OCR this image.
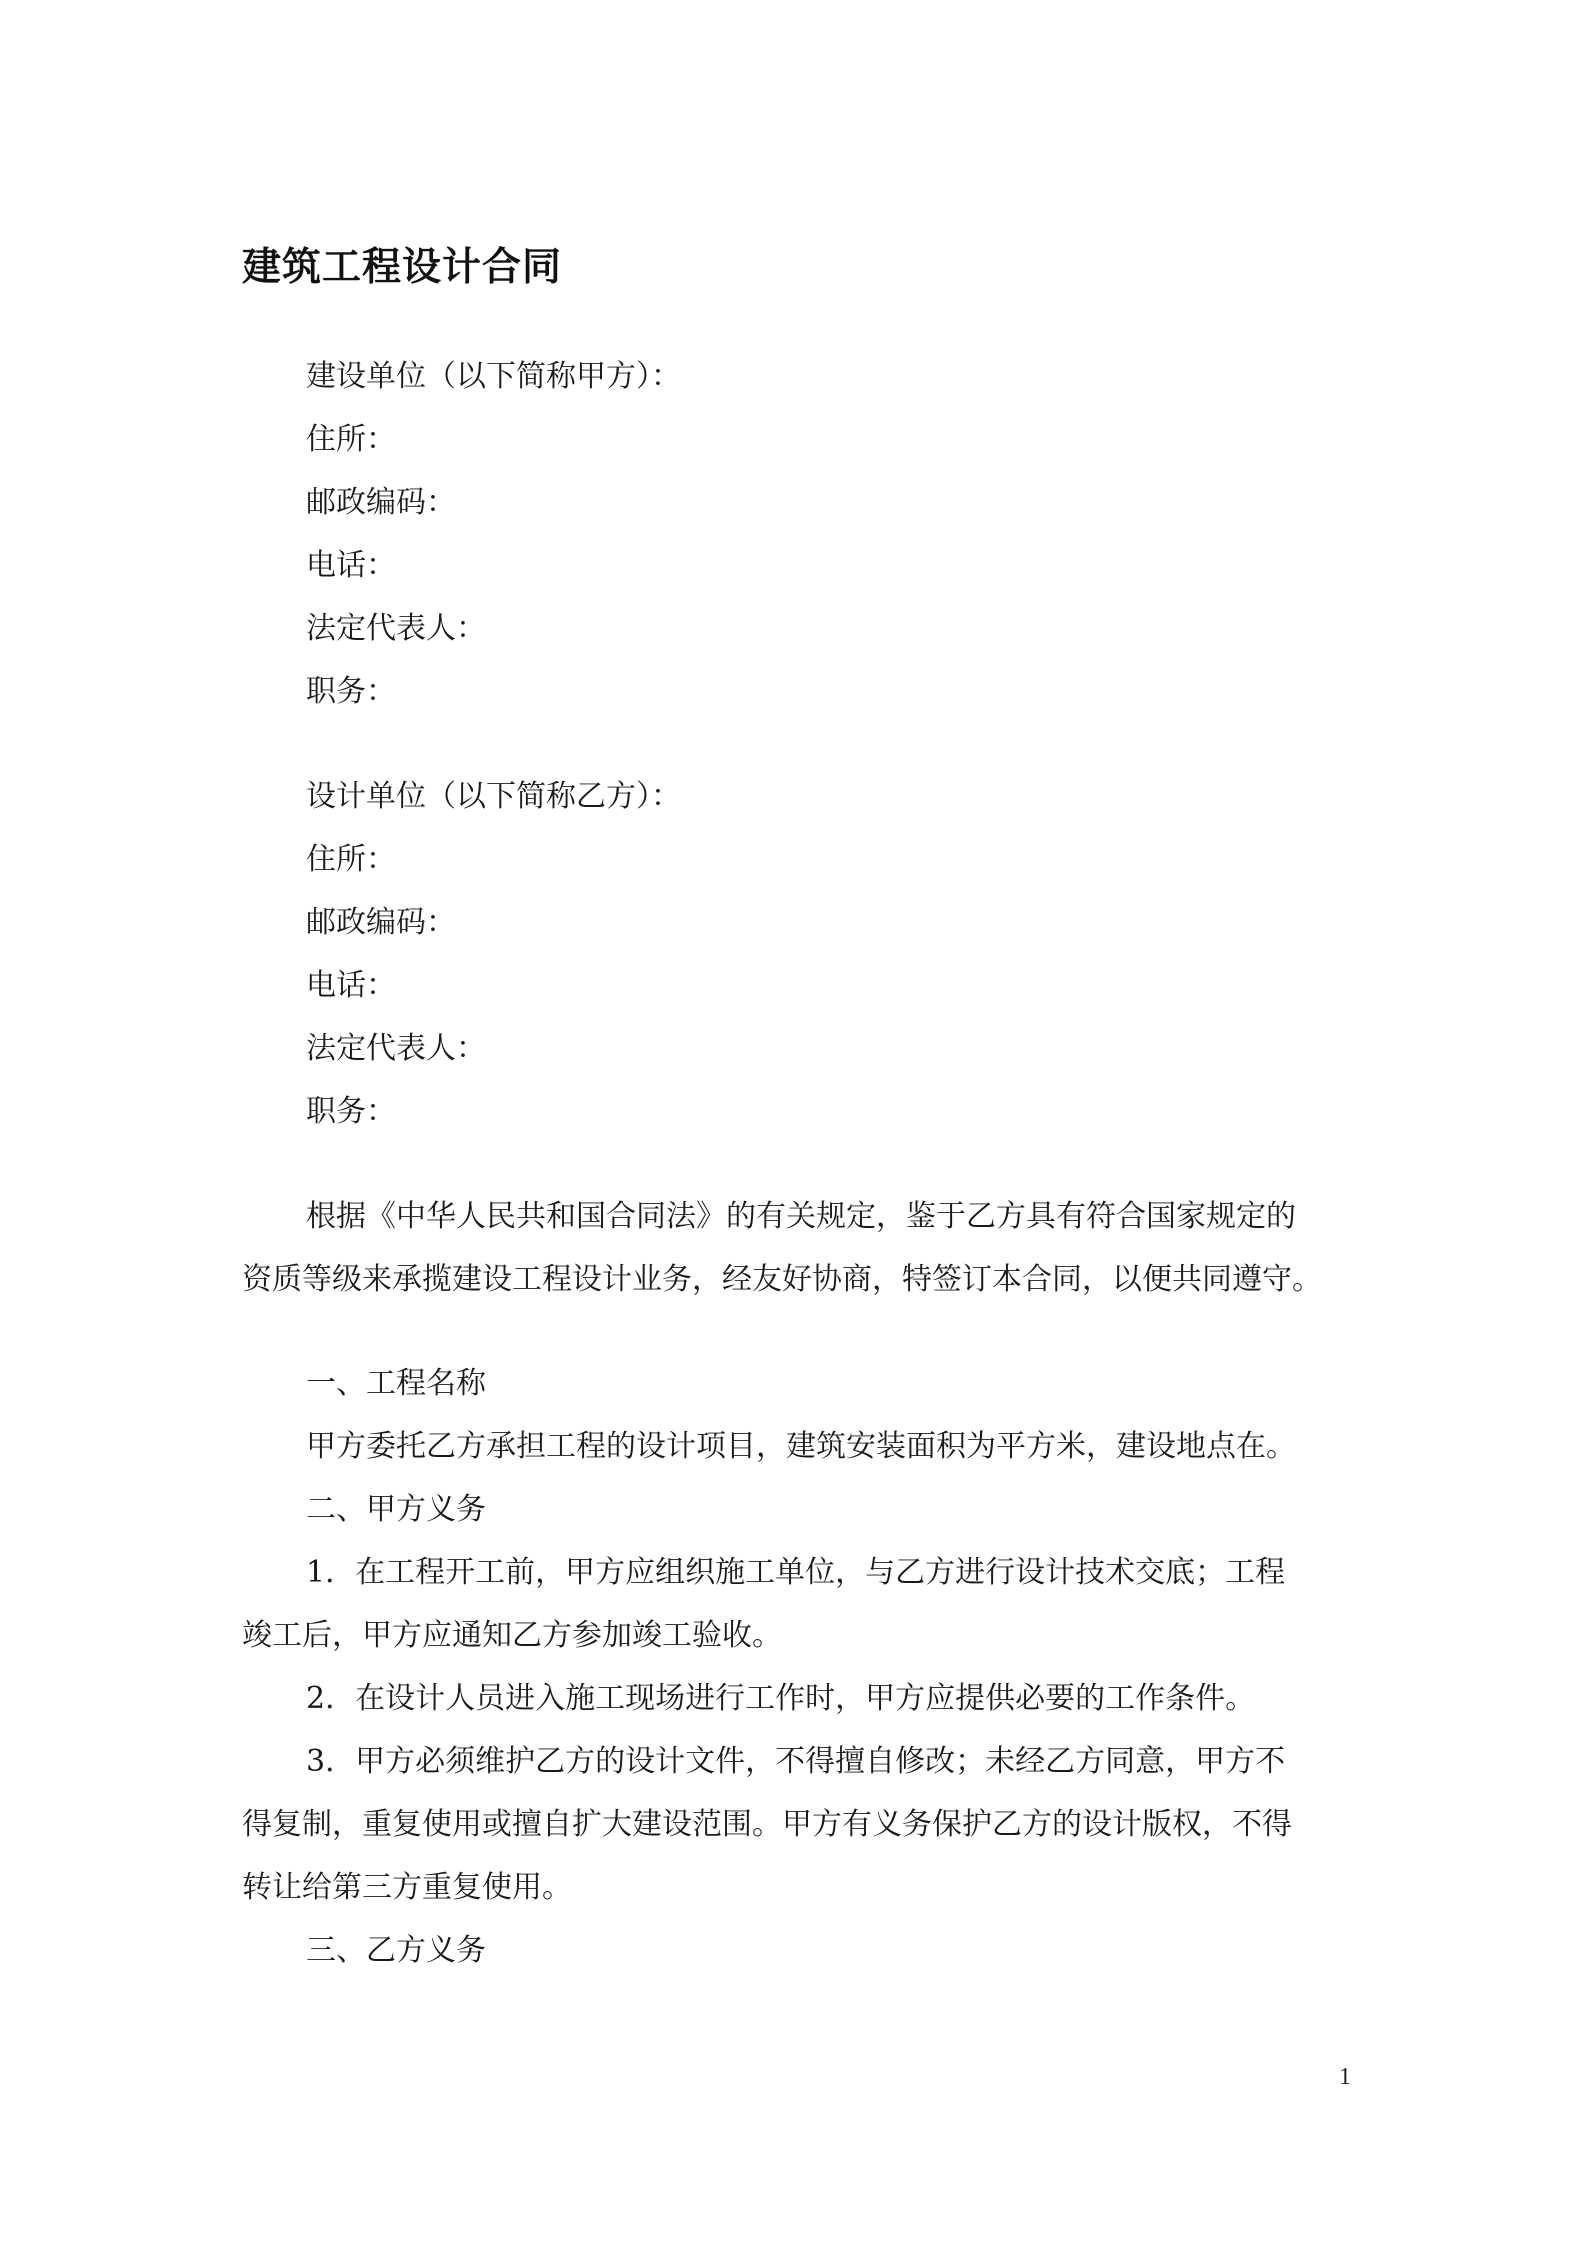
建筑工程设计合同
建设单位（以下简称甲方）：
住所：
邮政编码：
电话：
法定代表人：
职务：
设计单位（以下简称乙方）：
住所：
邮政编码：
电话：
法定代表人：
职务：
根据《中华人民共和国合同法》的有关规定，鉴于乙方具有符合国家规定的
资质等级来承揽建设工程设计业务，经友好协商，特签订本合同，以便共同遵守。
一、工程名称
甲方委托乙方承担工程的设计项目，建筑安装面积为平方米，建设地点在。
二、甲方义务
1．在工程开工前，甲方应组织施工单位，与乙方进行设计技术交底；工程
竣工后，甲方应通知乙方参加竣工验收。
2．在设计人员进入施工现场进行工作时，甲方应提供必要的工作条件。
3．甲方必须维护乙方的设计文件，不得擅自修改；未经乙方同意，甲方不
得复制，重复使用或擅自扩大建设范围。甲方有义务保护乙方的设计版权，不得
转让给第三方重复使用。
三、乙方义务
1
